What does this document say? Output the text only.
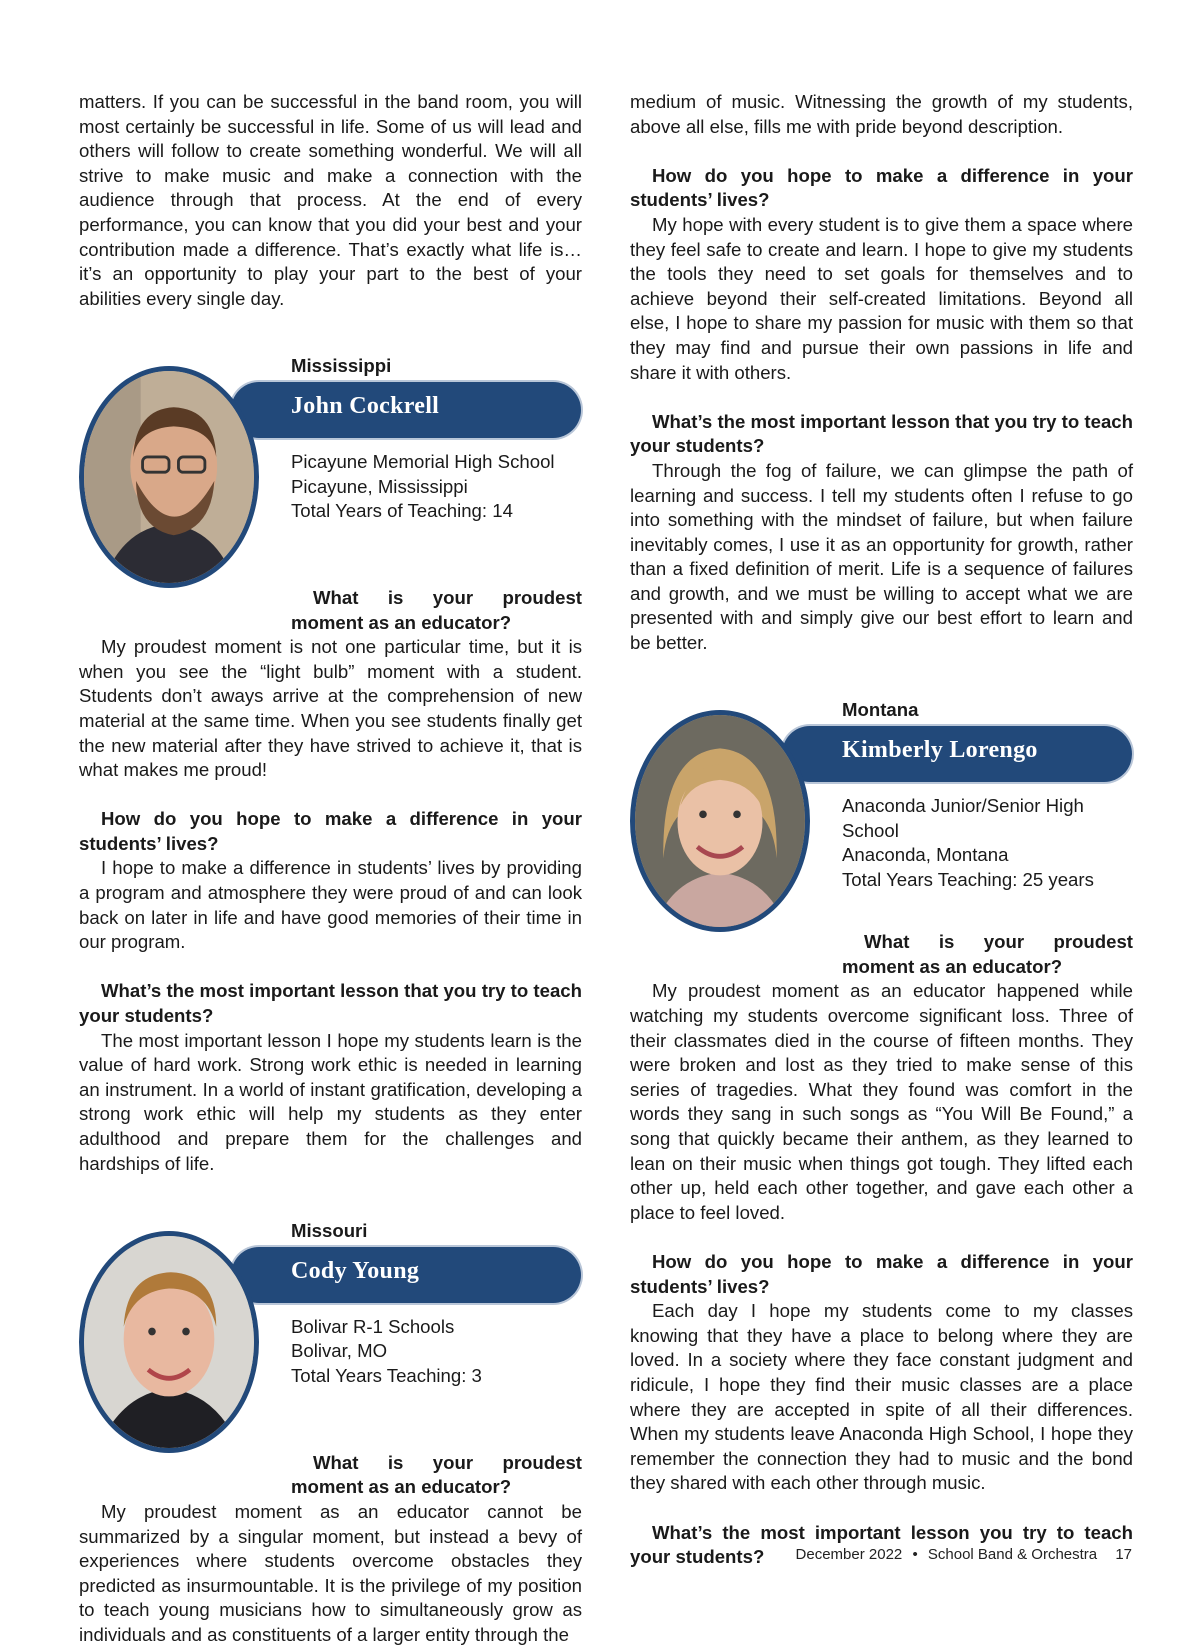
matters. If you can be successful in the band room, you will most certainly be successful in life. Some of us will lead and others will follow to create something wonderful. We will all strive to make music and make a connection with the audience through that process. At the end of every performance, you can know that you did your best and your contribution made a difference. That’s exactly what life is…it’s an opportunity to play your part to the best of your abilities every single day.

Mississippi
John Cockrell
Picayune Memorial High School
Picayune, Mississippi
Total Years of Teaching: 14
What is your proudest moment as an educator?

My proudest moment is not one particular time, but it is when you see the “light bulb” moment with a student. Students don’t aways arrive at the comprehension of new material at the same time. When you see students finally get the new material after they have strived to achieve it, that is what makes me proud!

How do you hope to make a difference in your students’ lives?

I hope to make a difference in students’ lives by providing a program and atmosphere they were proud of and can look back on later in life and have good memories of their time in our program.

What’s the most important lesson that you try to teach your students?

The most important lesson I hope my students learn is the value of hard work. Strong work ethic is needed in learning an instrument. In a world of instant gratification, developing a strong work ethic will help my students as they enter adulthood and prepare them for the challenges and hardships of life.

Missouri
Cody Young
Bolivar R-1 Schools
Bolivar, MO
Total Years Teaching: 3
What is your proudest moment as an educator?

My proudest moment as an educator cannot be summarized by a singular moment, but instead a bevy of experiences where students overcome obstacles they predicted as insurmountable. It is the privilege of my position to teach young musicians how to simultaneously grow as individuals and as constituents of a larger entity through the

medium of music. Witnessing the growth of my students, above all else, fills me with pride beyond description.

How do you hope to make a difference in your students’ lives?

My hope with every student is to give them a space where they feel safe to create and learn. I hope to give my students the tools they need to set goals for themselves and to achieve beyond their self-created limitations. Beyond all else, I hope to share my passion for music with them so that they may find and pursue their own passions in life and share it with others.

What’s the most important lesson that you try to teach your students?

Through the fog of failure, we can glimpse the path of learning and success. I tell my students often I refuse to go into something with the mindset of failure, but when failure inevitably comes, I use it as an opportunity for growth, rather than a fixed definition of merit. Life is a sequence of failures and growth, and we must be willing to accept what we are presented with and simply give our best effort to learn and be better.

Montana
Kimberly Lorengo
Anaconda Junior/Senior High School
Anaconda, Montana
Total Years Teaching: 25 years
What is your proudest moment as an educator?

My proudest moment as an educator happened while watching my students overcome significant loss. Three of their classmates died in the course of fifteen months. They were broken and lost as they tried to make sense of this series of tragedies. What they found was comfort in the words they sang in such songs as “You Will Be Found,” a song that quickly became their anthem, as they learned to lean on their music when things got tough. They lifted each other up, held each other together, and gave each other a place to feel loved.

How do you hope to make a difference in your students’ lives?

Each day I hope my students come to my classes knowing that they have a place to belong where they are loved. In a society where they face constant judgment and ridicule, I hope they find their music classes are a place where they are accepted in spite of all their differences. When my students leave Anaconda High School, I hope they remember the connection they had to music and the bond they shared with each other through music.

What’s the most important lesson you try to teach your students?	December 2022 • School Band & Orchestra 17
